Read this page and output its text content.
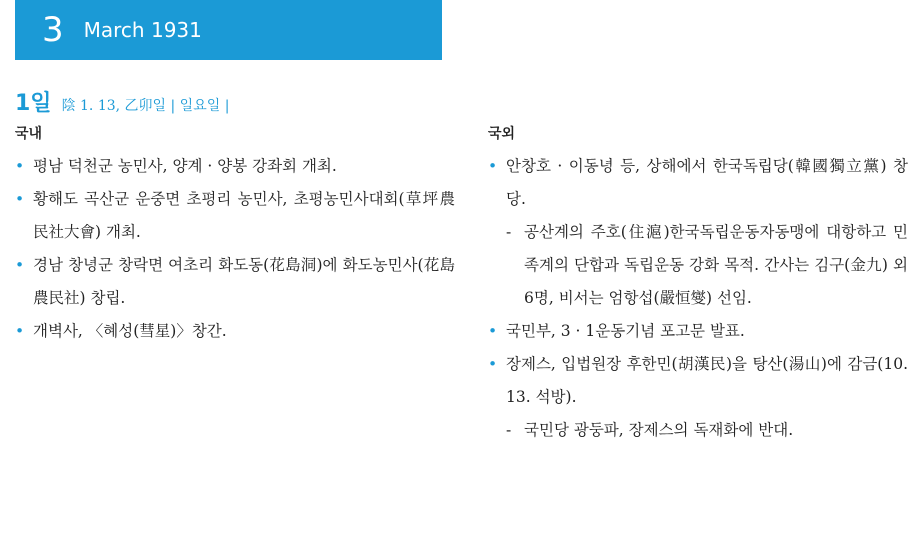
3 March 1931
1일 陰 1. 13, 乙卯일 | 일요일 |
국내
• 평남 덕천군 농민사, 양계 · 양봉 강좌회 개최.
• 황해도 곡산군 운중면 초평리 농민사, 초평농민사대회(草坪農民社大會) 개최.
• 경남 창녕군 창락면 여초리 화도동(花島洞)에 화도농민사(花島農民社) 창립.
• 개벽사, 〈혜성(彗星)〉창간.
국외
• 안창호 · 이동녕 등, 상해에서 한국독립당(韓國獨立黨) 창당.
- 공산계의 주호(住滬)한국독립운동자동맹에 대항하고 민족계의 단합과 독립운동 강화 목적. 간사는 김구(金九) 외 6명, 비서는 엄항섭(嚴恒燮) 선임.
• 국민부, 3 · 1운동기념 포고문 발표.
• 장제스, 입법원장 후한민(胡漢民)을 탕산(湯山)에 감금(10. 13. 석방).
- 국민당 광둥파, 장제스의 독재화에 반대.
